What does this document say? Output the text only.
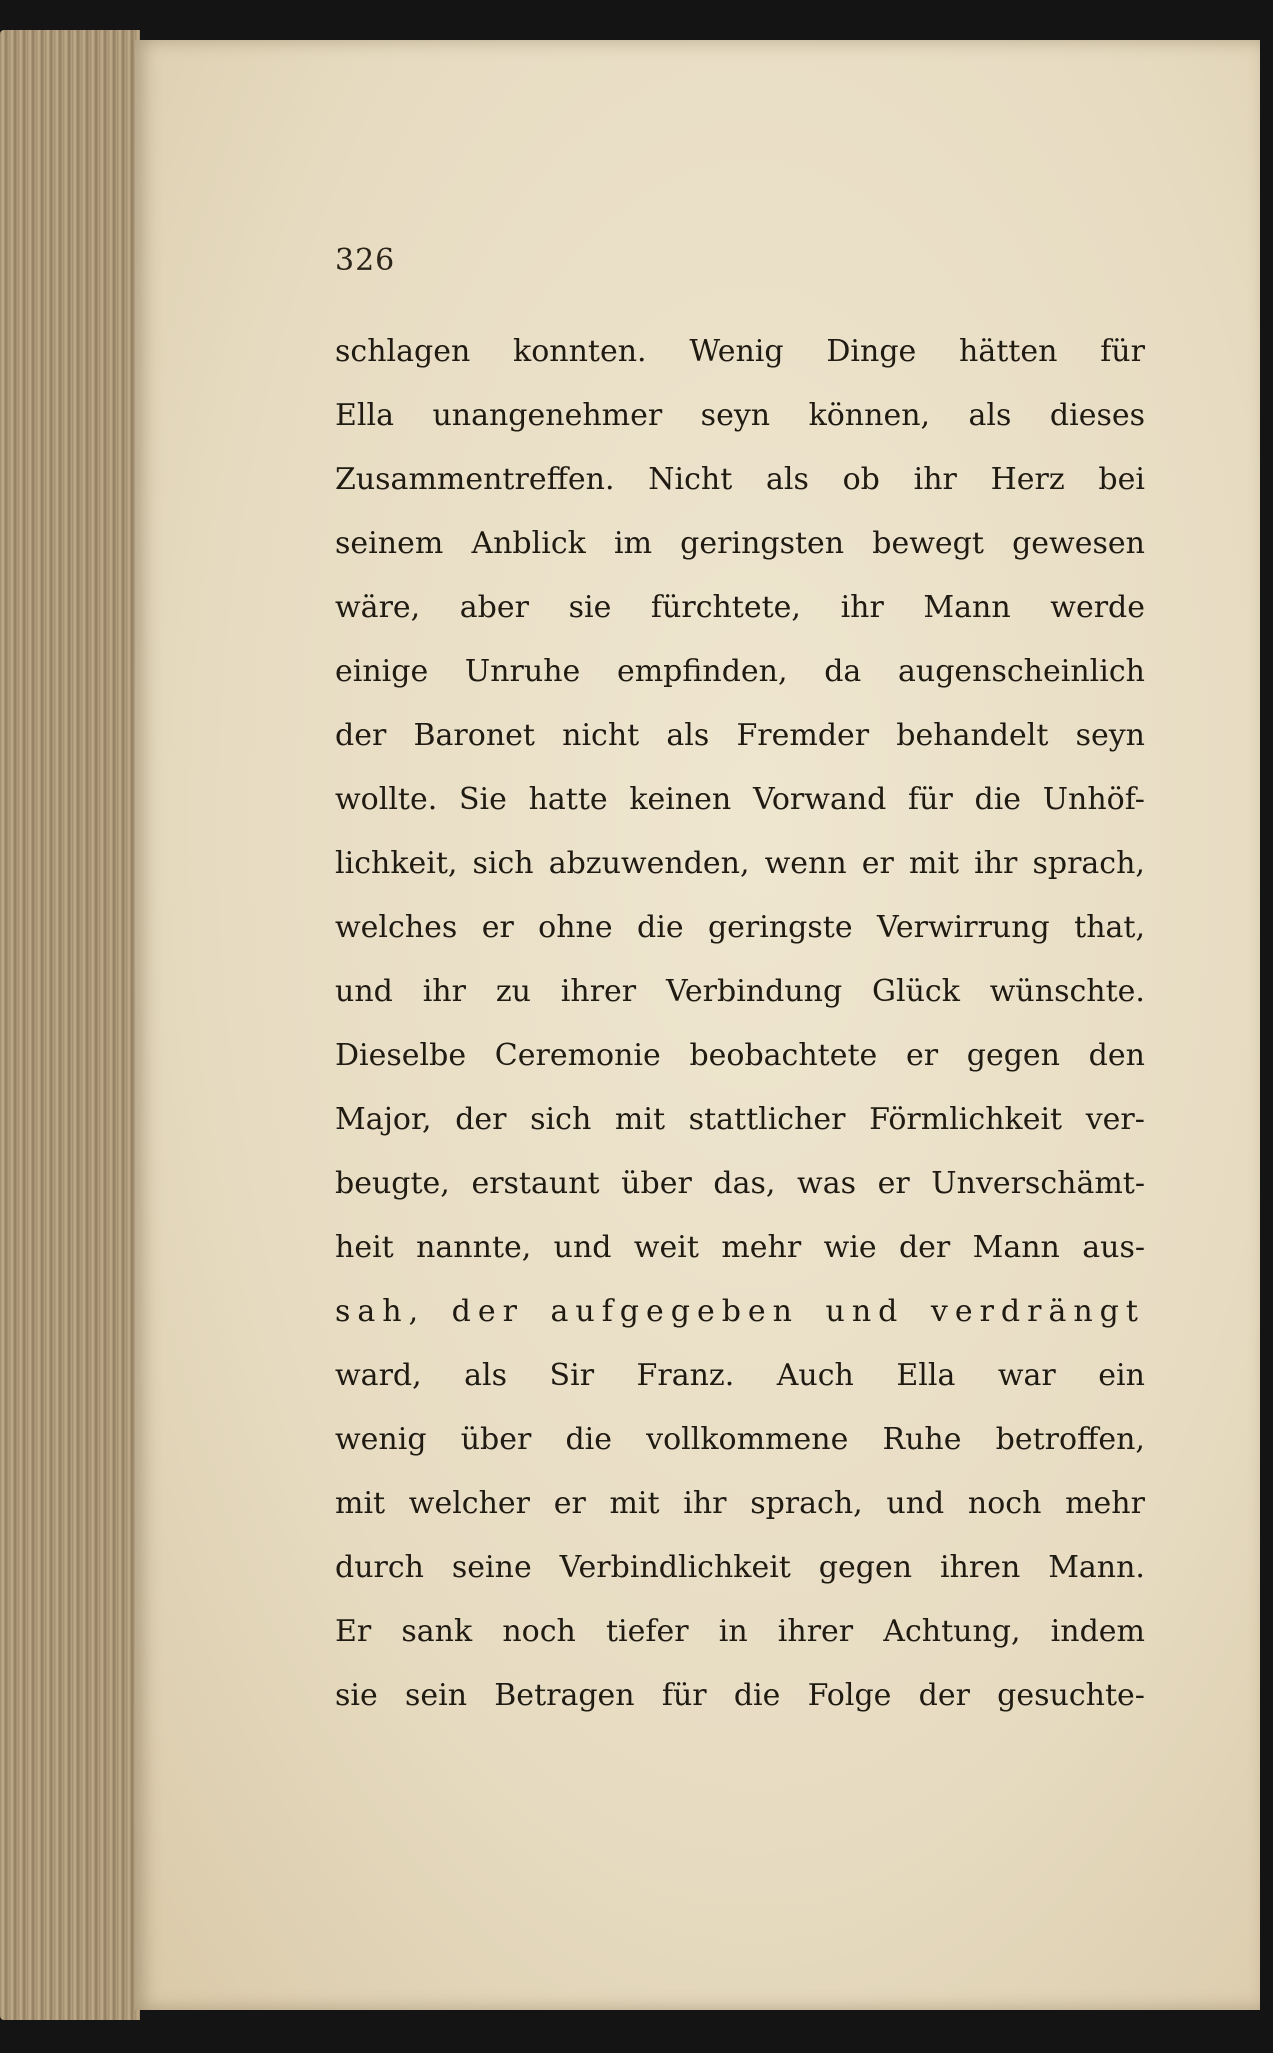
326
schlagen konnten. Wenig Dinge hätten für
Ella unangenehmer seyn können, als dieses
Zusammentreffen. Nicht als ob ihr Herz bei
seinem Anblick im geringsten bewegt gewesen
wäre, aber sie fürchtete, ihr Mann werde
einige Unruhe empfinden, da augenscheinlich
der Baronet nicht als Fremder behandelt seyn
wollte. Sie hatte keinen Vorwand für die Unhöf-
lichkeit, sich abzuwenden, wenn er mit ihr sprach,
welches er ohne die geringste Verwirrung that,
und ihr zu ihrer Verbindung Glück wünschte.
Dieselbe Ceremonie beobachtete er gegen den
Major, der sich mit stattlicher Förmlichkeit ver-
beugte, erstaunt über das, was er Unverschämt-
heit nannte, und weit mehr wie der Mann aus-
sah, der aufgegeben und verdrängt
ward, als Sir Franz. Auch Ella war ein
wenig über die vollkommene Ruhe betroffen,
mit welcher er mit ihr sprach, und noch mehr
durch seine Verbindlichkeit gegen ihren Mann.
Er sank noch tiefer in ihrer Achtung, indem
sie sein Betragen für die Folge der gesuchte-
